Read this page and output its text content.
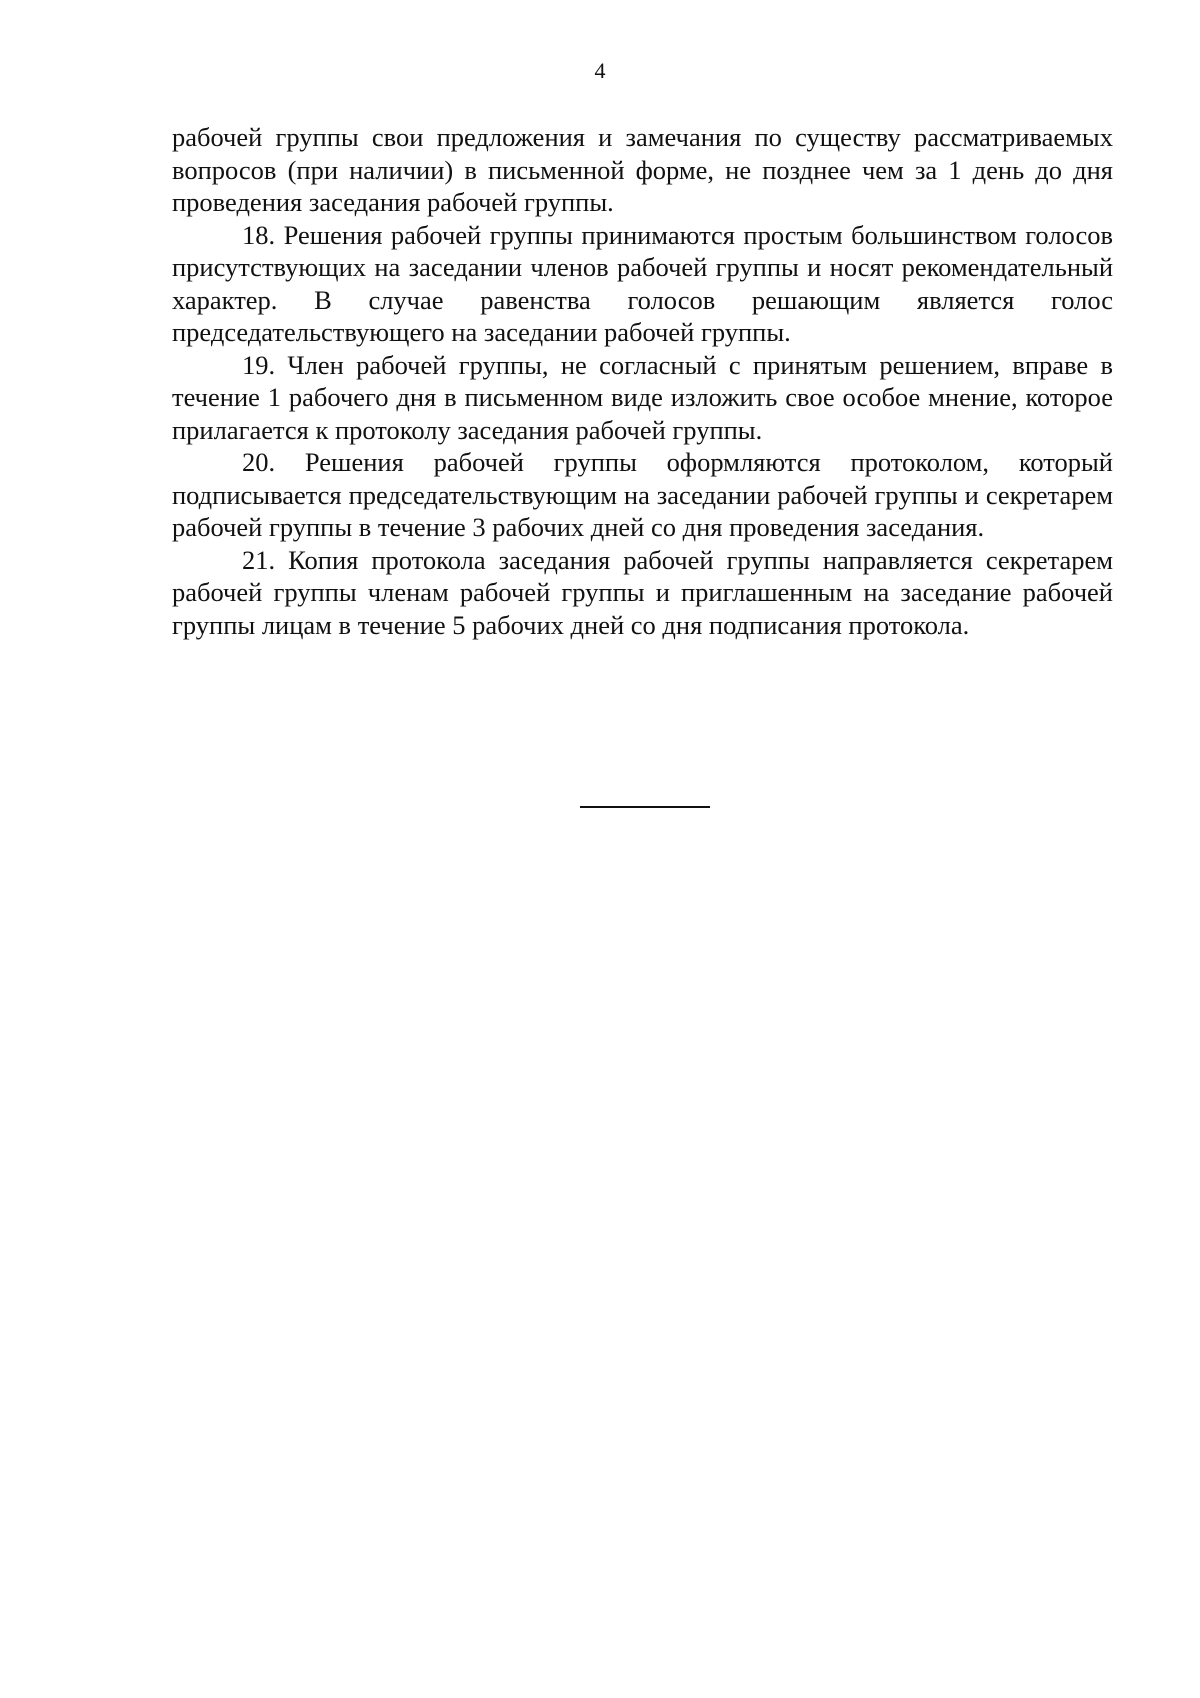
4

рабочей группы свои предложения и замечания по существу рассматриваемых вопросов (при наличии) в письменной форме, не позднее чем за 1 день до дня проведения заседания рабочей группы.

18. Решения рабочей группы принимаются простым большинством голосов присутствующих на заседании членов рабочей группы и носят рекомендательный характер. В случае равенства голосов решающим является голос председательствующего на заседании рабочей группы.

19. Член рабочей группы, не согласный с принятым решением, вправе в течение 1 рабочего дня в письменном виде изложить свое особое мнение, которое прилагается к протоколу заседания рабочей группы.

20. Решения рабочей группы оформляются протоколом, который подписывается председательствующим на заседании рабочей группы и секретарем рабочей группы в течение 3 рабочих дней со дня проведения заседания.

21. Копия протокола заседания рабочей группы направляется секретарем рабочей группы членам рабочей группы и приглашенным на заседание рабочей группы лицам в течение 5 рабочих дней со дня подписания протокола.
